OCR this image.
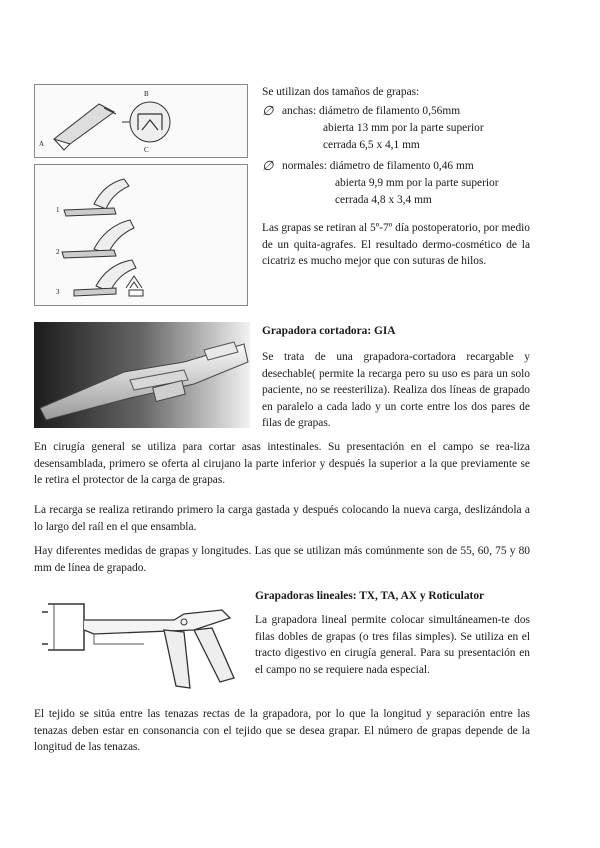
A
B
C
1
2
3

Se utilizan dos tamaños de grapas:

∅ anchas: diámetro de filamento 0,56mm
abierta 13 mm por la parte superior
cerrada 6,5 x 4,1 mm
∅ normales: diámetro de filamento 0,46 mm
abierta 9,9 mm por la parte superior
cerrada 4,8 x 3,4 mm

Las grapas se retiran al 5º-7º día postoperatorio, por medio de un quita-agrafes. El resultado dermo-cosmético de la cicatriz es mucho mejor que con suturas de hilos.

Grapadora cortadora: GIA

Se trata de una grapadora-cortadora recargable y desechable( permite la recarga pero su uso es para un solo paciente, no se reesteriliza). Realiza dos líneas de grapado en paralelo a cada lado y un corte entre los dos pares de filas de grapas.

En cirugía general se utiliza para cortar asas intestinales. Su presentación en el campo se rea-liza desensamblada, primero se oferta al cirujano la parte inferior y después la superior a la que previamente se le retira el protector de la carga de grapas.

La recarga se realiza retirando primero la carga gastada y después colocando la nueva carga, deslizándola a lo largo del raíl en el que ensambla.

Hay diferentes medidas de grapas y longitudes. Las que se utilizan más comúnmente son de 55, 60, 75 y 80 mm de línea de grapado.

Grapadoras lineales: TX, TA, AX y Roticulator

La grapadora lineal permite colocar simultáneamen-te dos filas dobles de grapas (o tres filas simples). Se utiliza en el tracto digestivo en cirugía general. Para su presentación en el campo no se requiere nada especial.

El tejido se sitúa entre las tenazas rectas de la grapadora, por lo que la longitud y separación entre las tenazas deben estar en consonancia con el tejido que se desea grapar. El número de grapas depende de la longitud de las tenazas.
